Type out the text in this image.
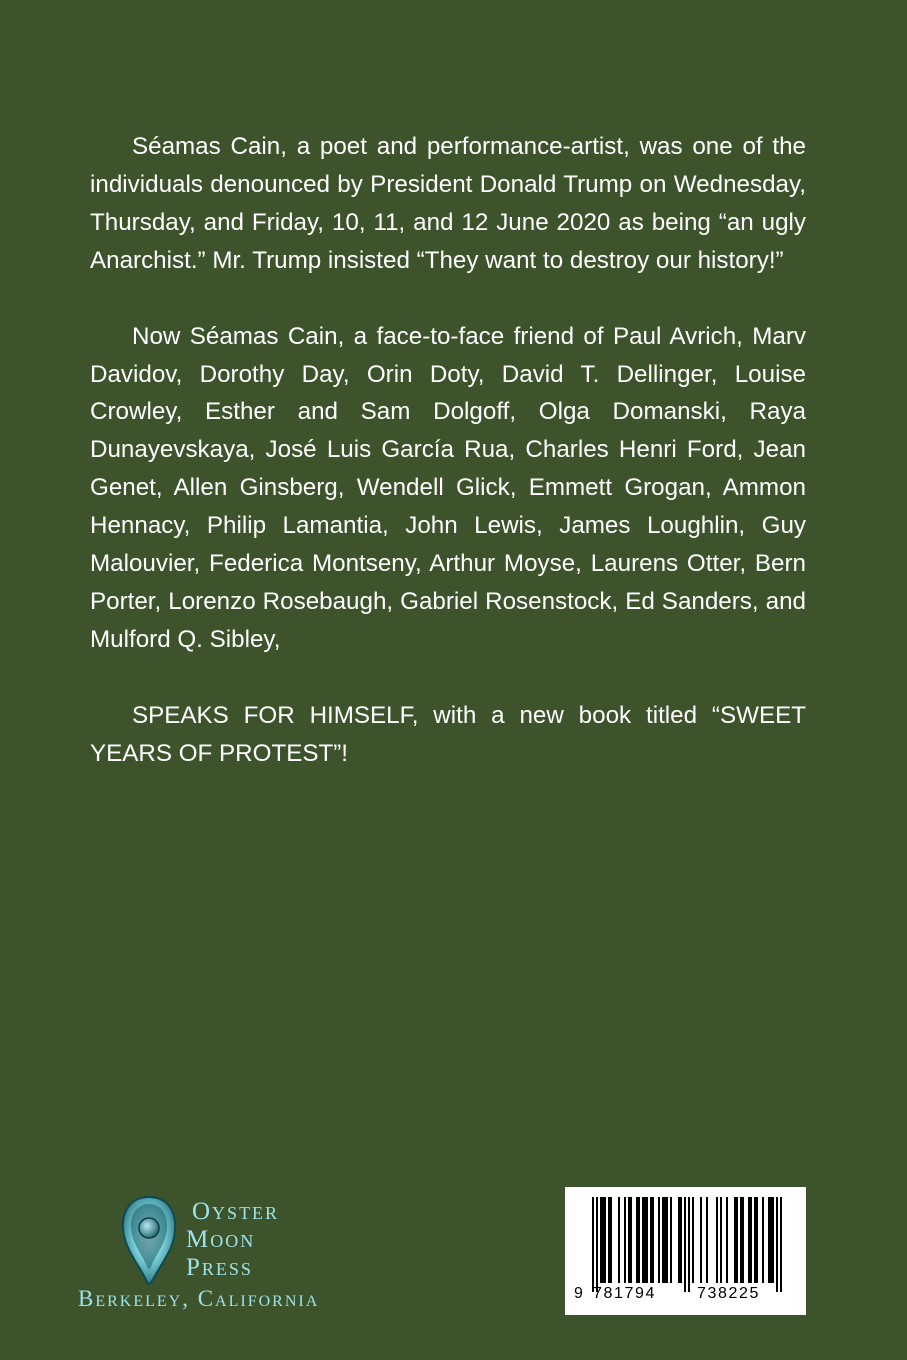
Séamas Cain, a poet and performance-artist, was one of the individuals denounced by President Donald Trump on Wednesday, Thursday, and Friday, 10, 11, and 12 June 2020 as being “an ugly Anarchist.” Mr. Trump insisted “They want to destroy our history!”

Now Séamas Cain, a face-to-face friend of Paul Avrich, Marv Davidov, Dorothy Day, Orin Doty, David T. Dellinger, Louise Crowley, Esther and Sam Dolgoff, Olga Domanski, Raya Dunayevskaya, José Luis García Rua, Charles Henri Ford, Jean Genet, Allen Ginsberg, Wendell Glick, Emmett Grogan, Ammon Hennacy, Philip Lamantia, John Lewis, James Loughlin, Guy Malouvier, Federica Montseny, Arthur Moyse, Laurens Otter, Bern Porter, Lorenzo Rosebaugh, Gabriel Rosenstock, Ed Sanders, and Mulford Q. Sibley,

SPEAKS FOR HIMSELF, with a new book titled “SWEET YEARS OF PROTEST”!

Oyster
Moon
Press
Berkeley, California	9 781794	738225
